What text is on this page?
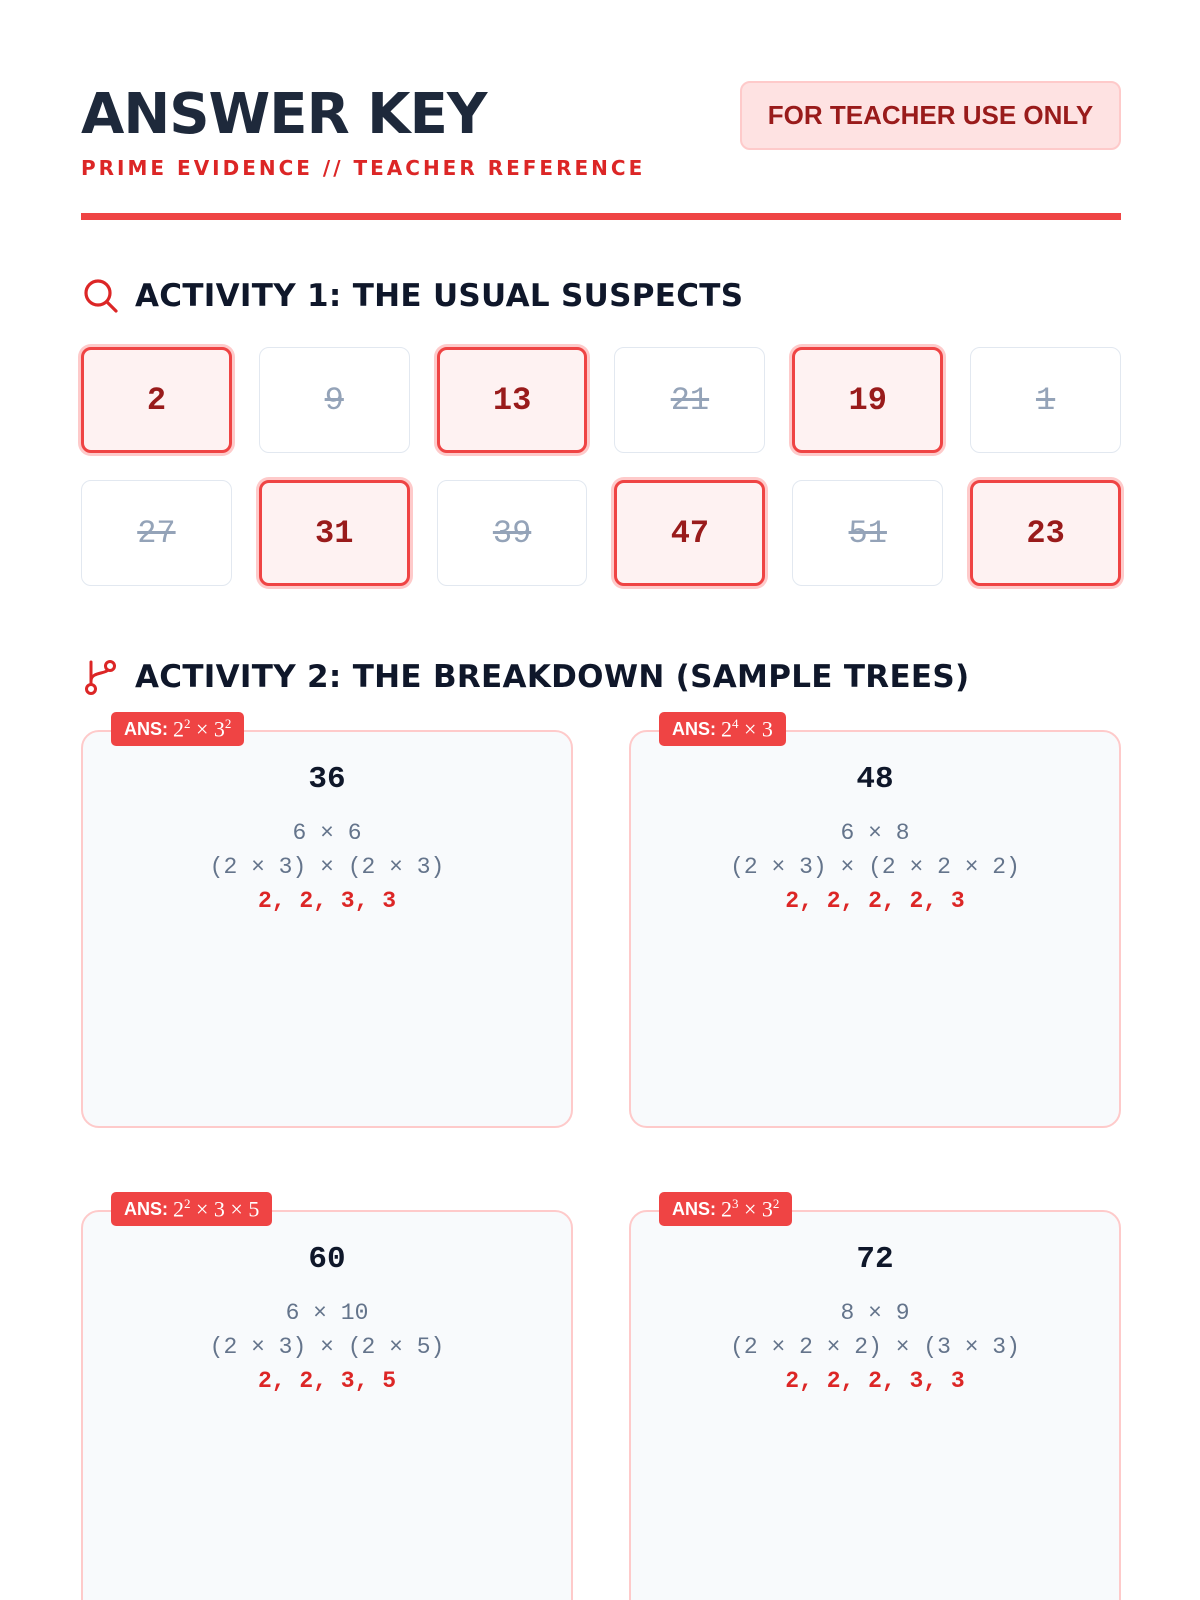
ANSWER KEY
PRIME EVIDENCE // TEACHER REFERENCE
FOR TEACHER USE ONLY
ACTIVITY 1: THE USUAL SUSPECTS
2	9	13	21	19	1
27	31	39	47	51	23
ACTIVITY 2: THE BREAKDOWN (SAMPLE TREES)
ANS: $2^2 \times 3^2$
36
6 × 6
(2 × 3) × (2 × 3)
2, 2, 3, 3
ANS: $2^4 \times 3$
48
6 × 8
(2 × 3) × (2 × 2 × 2)
2, 2, 2, 2, 3
ANS: $2^2 \times 3 \times 5$
60
6 × 10
(2 × 3) × (2 × 5)
2, 2, 3, 5
ANS: $2^3 \times 3^2$
72
8 × 9
(2 × 2 × 2) × (3 × 3)
2, 2, 2, 3, 3
